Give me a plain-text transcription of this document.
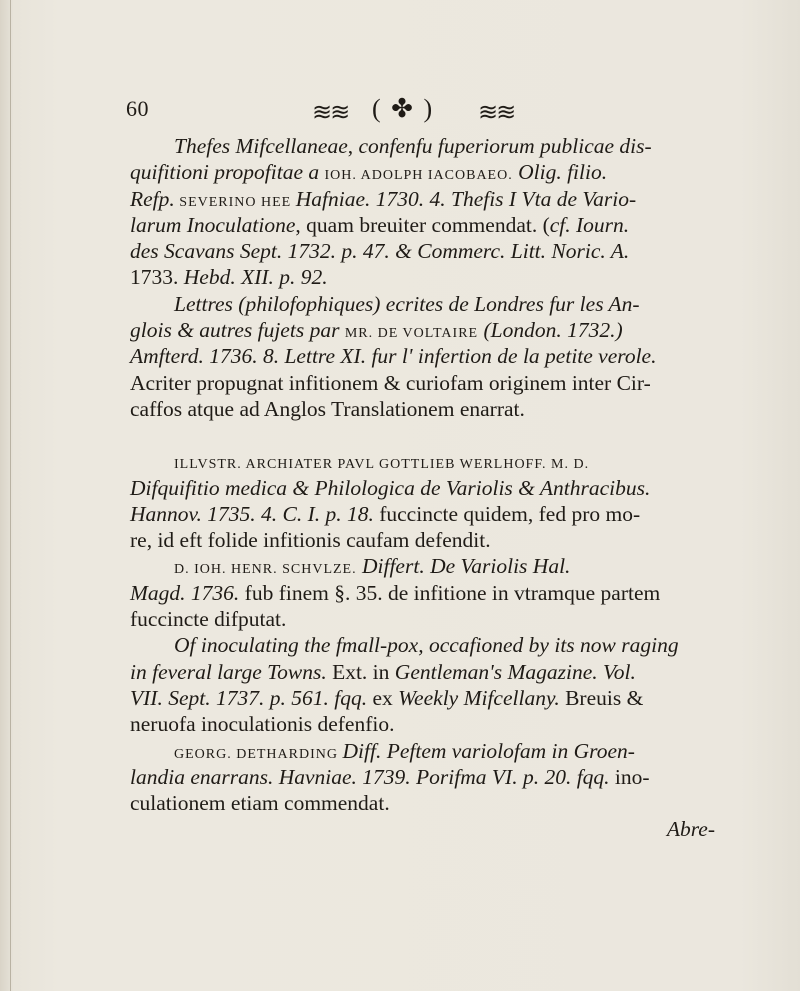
60	≋≋ ( ✤ ) ≋≋
Thefes Mifcellaneae, confenfu fuperiorum publicae dis-
quifitioni propofitae a IOH. ADOLPH IACOBAEO. Olig. filio.
Refp. SEVERINO HEE Hafniae. 1730. 4. Thefis I Vta de Vario-
larum Inoculatione, quam breuiter commendat. (cf. Iourn.
des Scavans Sept. 1732. p. 47. & Commerc. Litt. Noric. A.
1733. Hebd. XII. p. 92.
Lettres (philofophiques) ecrites de Londres fur les An-
glois & autres fujets par MR. DE VOLTAIRE (London. 1732.)
Amfterd. 1736. 8. Lettre XI. fur l' infertion de la petite verole.
Acriter propugnat infitionem & curiofam originem inter Cir-
caffos atque ad Anglos Translationem enarrat.
ILLVSTR. ARCHIATER PAVL GOTTLIEB WERLHOFF. M. D.
Difquifitio medica & Philologica de Variolis & Anthracibus.
Hannov. 1735. 4. C. I. p. 18. fuccincte quidem, fed pro mo-
re, id eft folide infitionis caufam defendit.
D. IOH. HENR. SCHVLZE. Differt. De Variolis Hal.
Magd. 1736. fub finem §. 35. de infitione in vtramque partem
fuccincte difputat.
Of inoculating the fmall-pox, occafioned by its now raging
in feveral large Towns. Ext. in Gentleman's Magazine. Vol.
VII. Sept. 1737. p. 561. fqq. ex Weekly Mifcellany. Breuis &
neruofa inoculationis defenfio.
GEORG. DETHARDING Diff. Peftem variolofam in Groen-
landia enarrans. Havniae. 1739. Porifma VI. p. 20. fqq. ino-
culationem etiam commendat.
Abre-
